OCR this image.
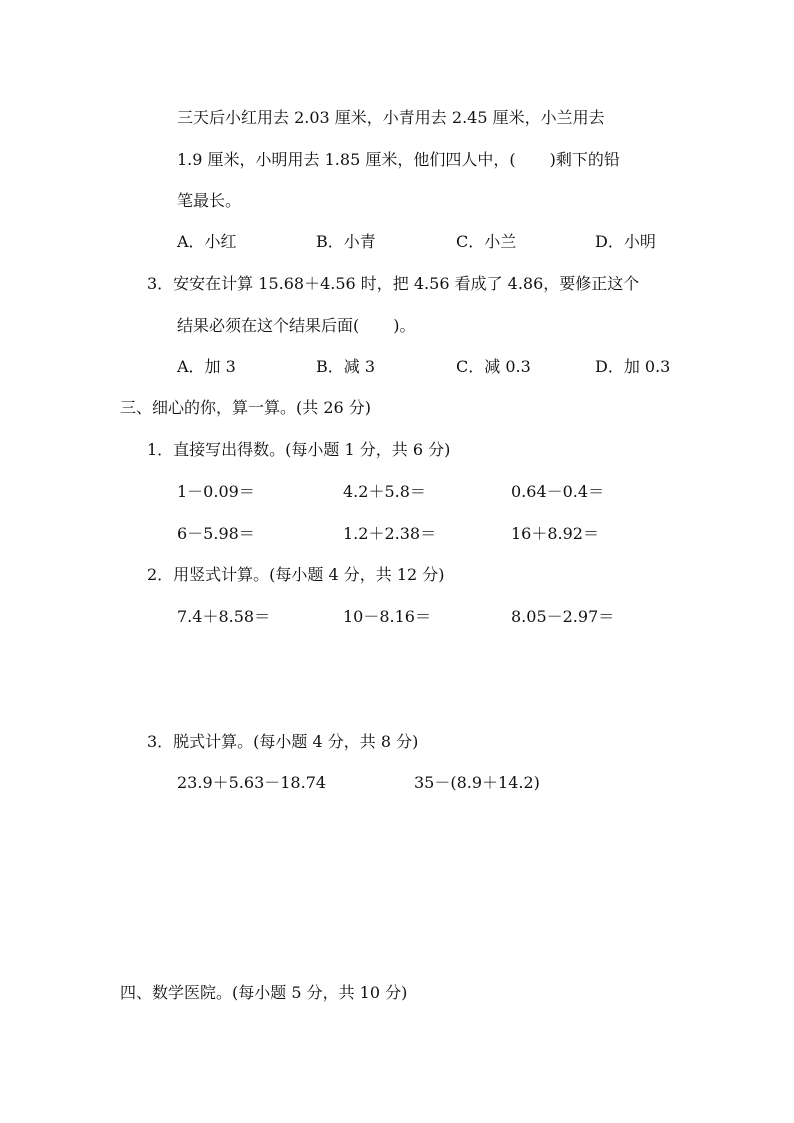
三天后小红用去 2.03 厘米，小青用去 2.45 厘米，小兰用去
1.9 厘米，小明用去 1.85 厘米，他们四人中，( )剩下的铅
笔最长。
A．小红	B．小青	C．小兰	D．小明
3．安安在计算 15.68＋4.56 时，把 4.56 看成了 4.86，要修正这个
结果必须在这个结果后面( )。
A．加 3	B．减 3	C．减 0.3	D．加 0.3
三、细心的你，算一算。(共 26 分)
1．直接写出得数。(每小题 1 分，共 6 分)
1－0.09＝	4.2＋5.8＝	0.64－0.4＝
6－5.98＝	1.2＋2.38＝	16＋8.92＝
2．用竖式计算。(每小题 4 分，共 12 分)
7.4＋8.58＝	10－8.16＝	8.05－2.97＝
3．脱式计算。(每小题 4 分，共 8 分)
23.9＋5.63－18.74	35－(8.9＋14.2)
四、数学医院。(每小题 5 分，共 10 分)
